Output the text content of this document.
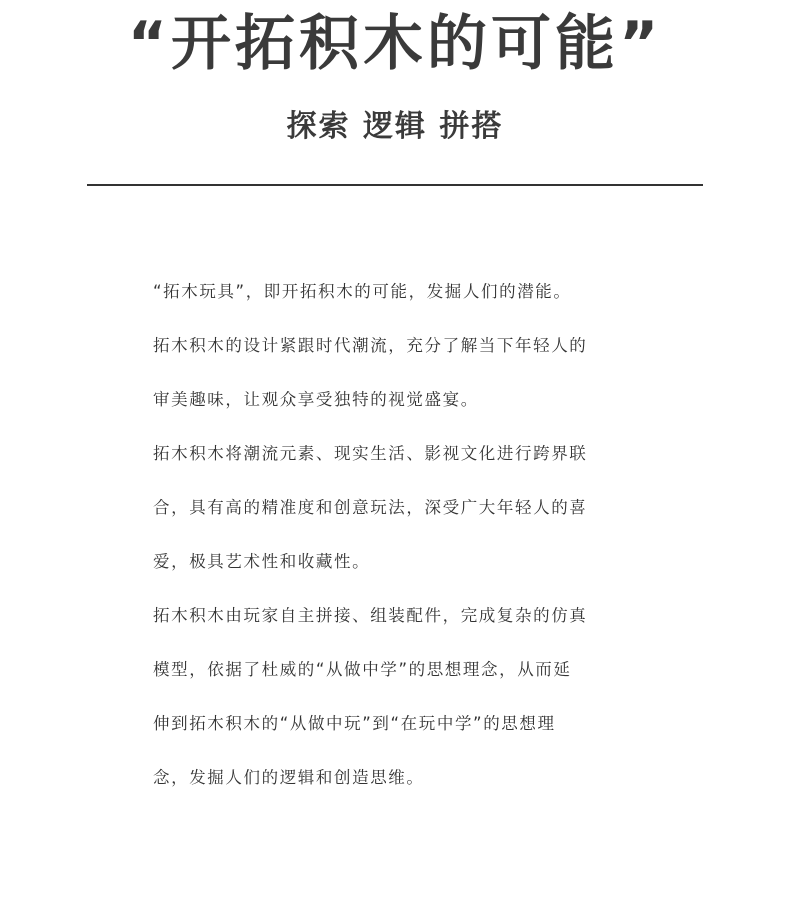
“开拓积木的可能”
探索 逻辑 拼搭
“拓木玩具”，即开拓积木的可能，发掘人们的潜能。
拓木积木的设计紧跟时代潮流，充分了解当下年轻人的
审美趣味，让观众享受独特的视觉盛宴。
拓木积木将潮流元素、现实生活、影视文化进行跨界联
合，具有高的精准度和创意玩法，深受广大年轻人的喜
爱，极具艺术性和收藏性。
拓木积木由玩家自主拼接、组装配件，完成复杂的仿真
模型，依据了杜威的“从做中学”的思想理念，从而延
伸到拓木积木的“从做中玩”到“在玩中学”的思想理
念，发掘人们的逻辑和创造思维。
